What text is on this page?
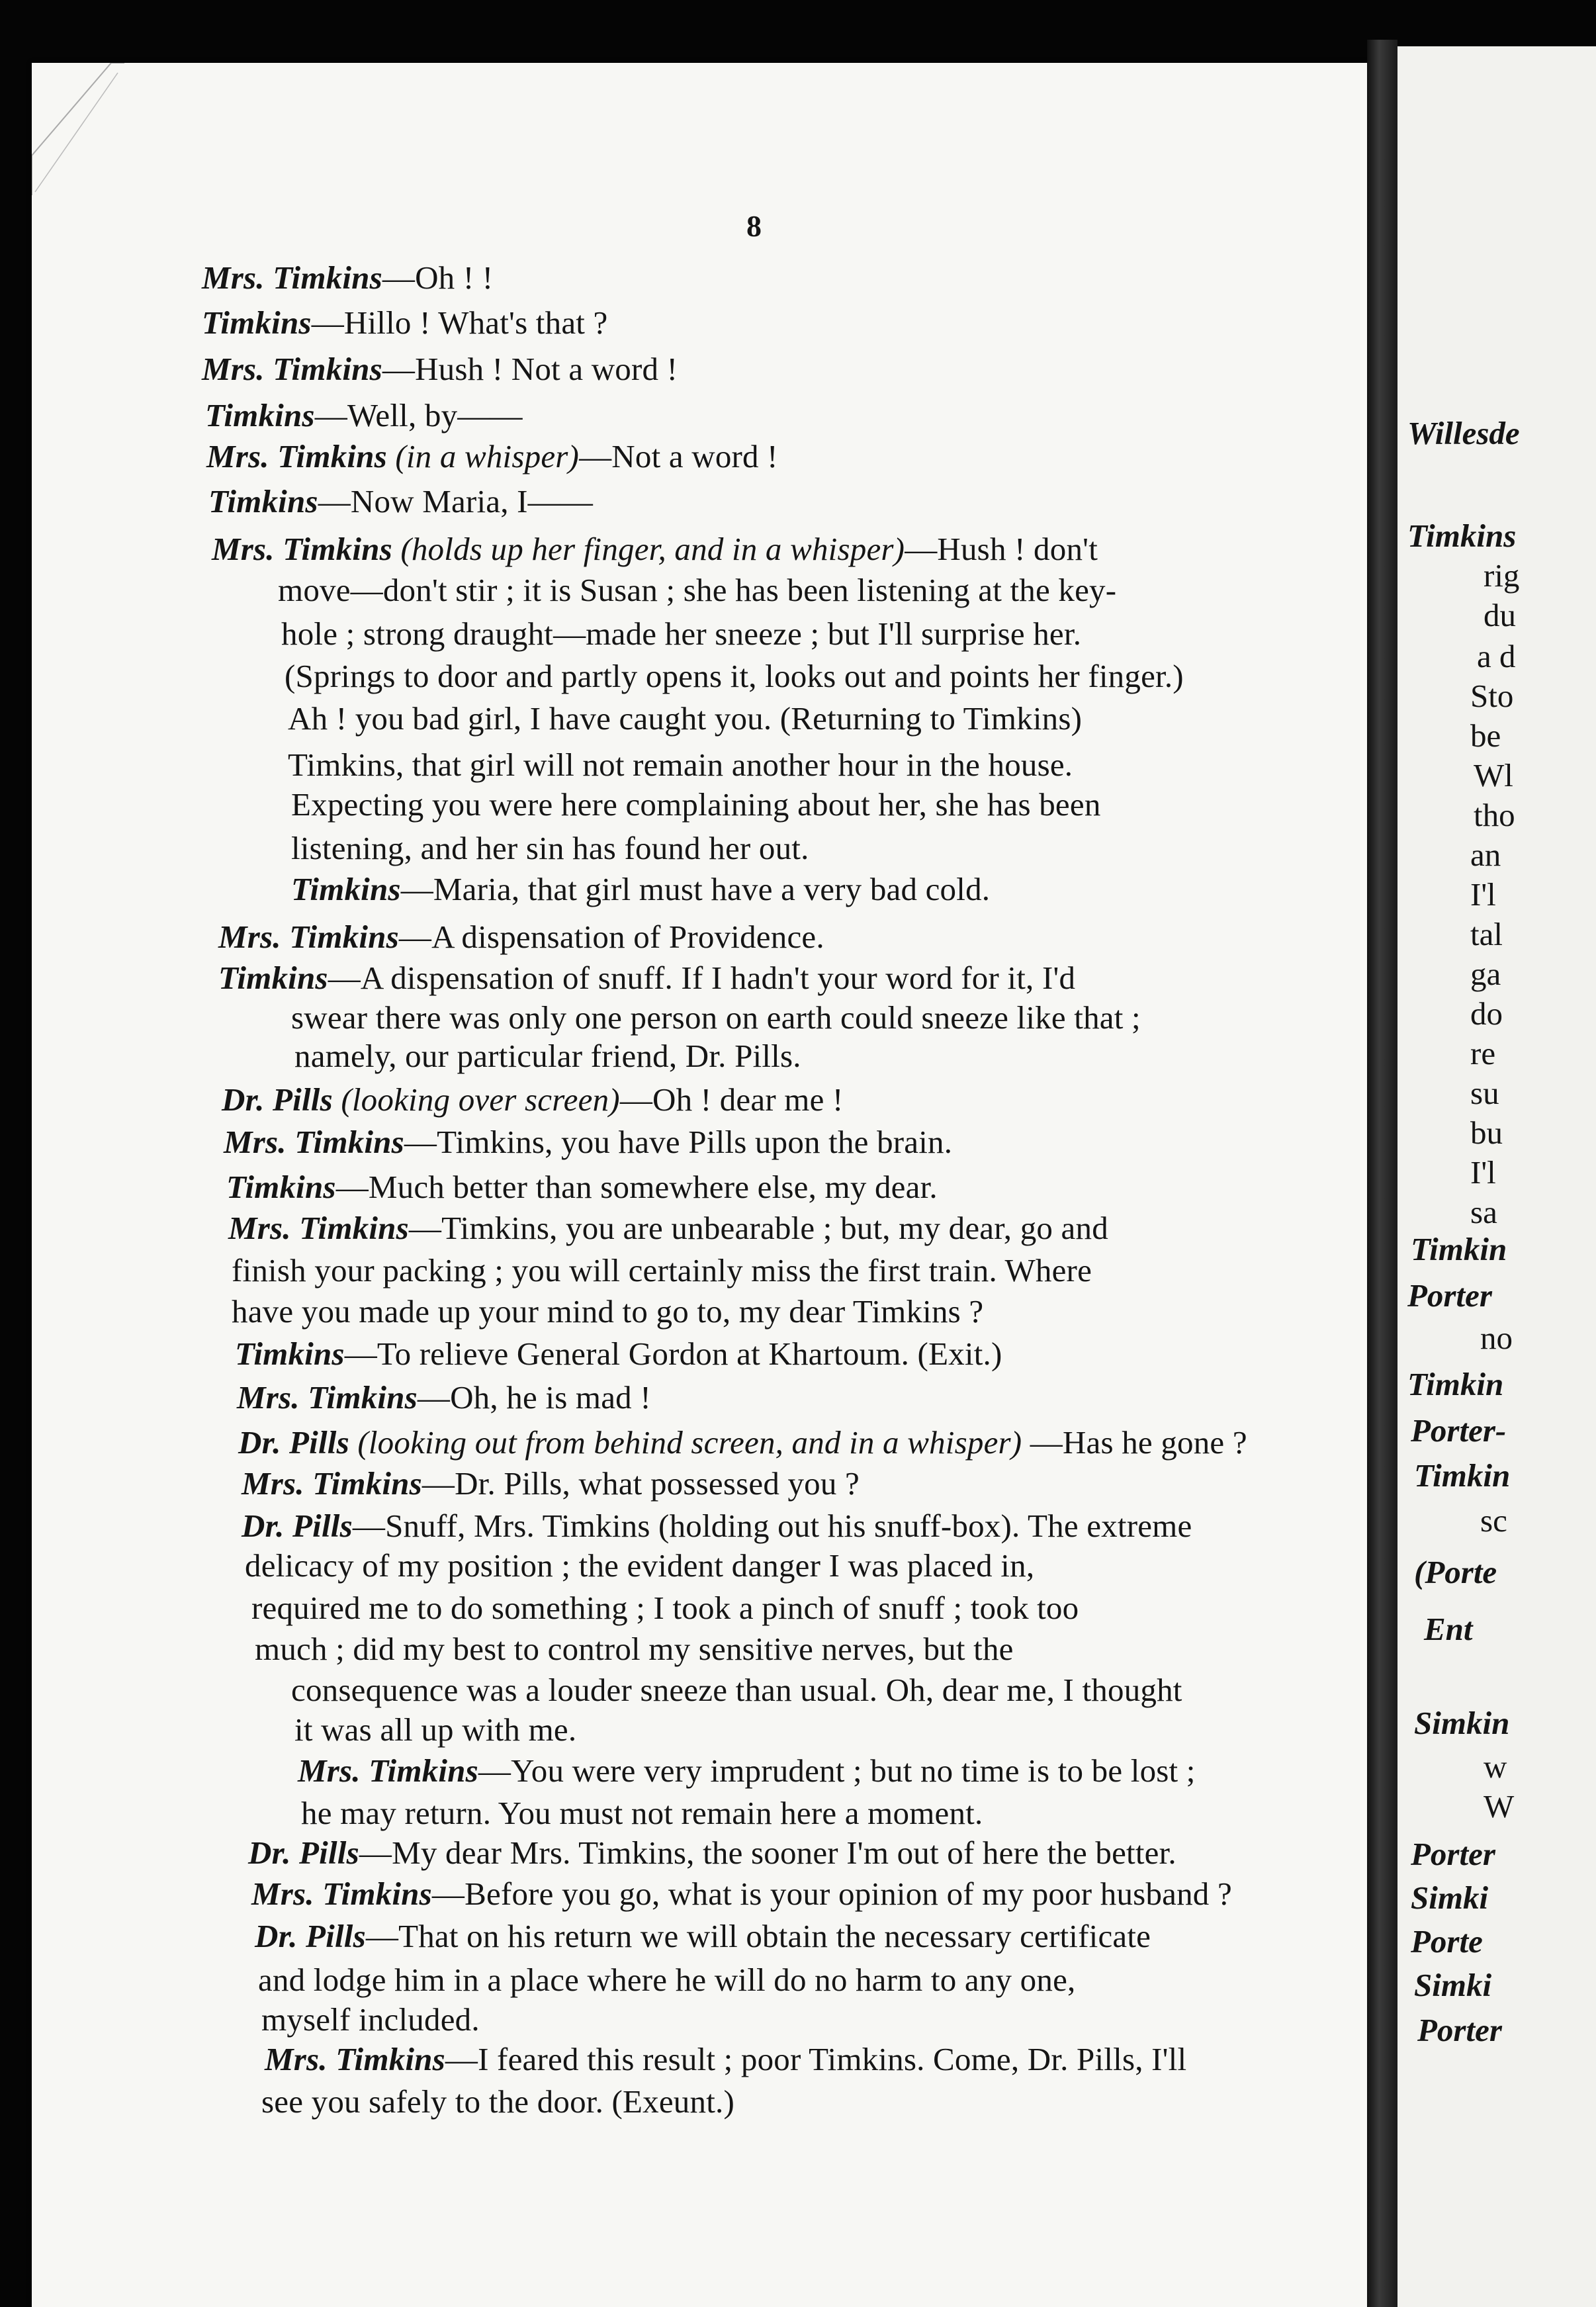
8
Mrs. Timkins—Oh ! !
Timkins—Hillo ! What's that ?
Mrs. Timkins—Hush ! Not a word !
Timkins—Well, by——
Mrs. Timkins (in a whisper)—Not a word !
Timkins—Now Maria, I——
Mrs. Timkins (holds up her finger, and in a whisper)—Hush ! don't
move—don't stir ; it is Susan ; she has been listening at the key-
hole ; strong draught—made her sneeze ; but I'll surprise her.
(Springs to door and partly opens it, looks out and points her finger.)
Ah ! you bad girl, I have caught you. (Returning to Timkins)
Timkins, that girl will not remain another hour in the house.
Expecting you were here complaining about her, she has been
listening, and her sin has found her out.
Timkins—Maria, that girl must have a very bad cold.
Mrs. Timkins—A dispensation of Providence.
Timkins—A dispensation of snuff. If I hadn't your word for it, I'd
swear there was only one person on earth could sneeze like that ;
namely, our particular friend, Dr. Pills.
Dr. Pills (looking over screen)—Oh ! dear me !
Mrs. Timkins—Timkins, you have Pills upon the brain.
Timkins—Much better than somewhere else, my dear.
Mrs. Timkins—Timkins, you are unbearable ; but, my dear, go and
finish your packing ; you will certainly miss the first train. Where
have you made up your mind to go to, my dear Timkins ?
Timkins—To relieve General Gordon at Khartoum. (Exit.)
Mrs. Timkins—Oh, he is mad !
Dr. Pills (looking out from behind screen, and in a whisper) —Has he gone ?
Mrs. Timkins—Dr. Pills, what possessed you ?
Dr. Pills—Snuff, Mrs. Timkins (holding out his snuff-box). The extreme
delicacy of my position ; the evident danger I was placed in,
required me to do something ; I took a pinch of snuff ; took too
much ; did my best to control my sensitive nerves, but the
consequence was a louder sneeze than usual. Oh, dear me, I thought
it was all up with me.
Mrs. Timkins—You were very imprudent ; but no time is to be lost ;
he may return. You must not remain here a moment.
Dr. Pills—My dear Mrs. Timkins, the sooner I'm out of here the better.
Mrs. Timkins—Before you go, what is your opinion of my poor husband ?
Dr. Pills—That on his return we will obtain the necessary certificate
and lodge him in a place where he will do no harm to any one,
myself included.
Mrs. Timkins—I feared this result ; poor Timkins. Come, Dr. Pills, I'll
see you safely to the door. (Exeunt.)
Willesde
Timkins
rig
du
a d
Sto
be
Wl
tho
an
I'l
tal
ga
do
re
su
bu
I'l
sa
Timkin
Porter
no
Timkin
Porter-
Timkin
sc
(Porte
Ent
Simkin
w
W
Porter
Simki
Porte
Simki
Porter
